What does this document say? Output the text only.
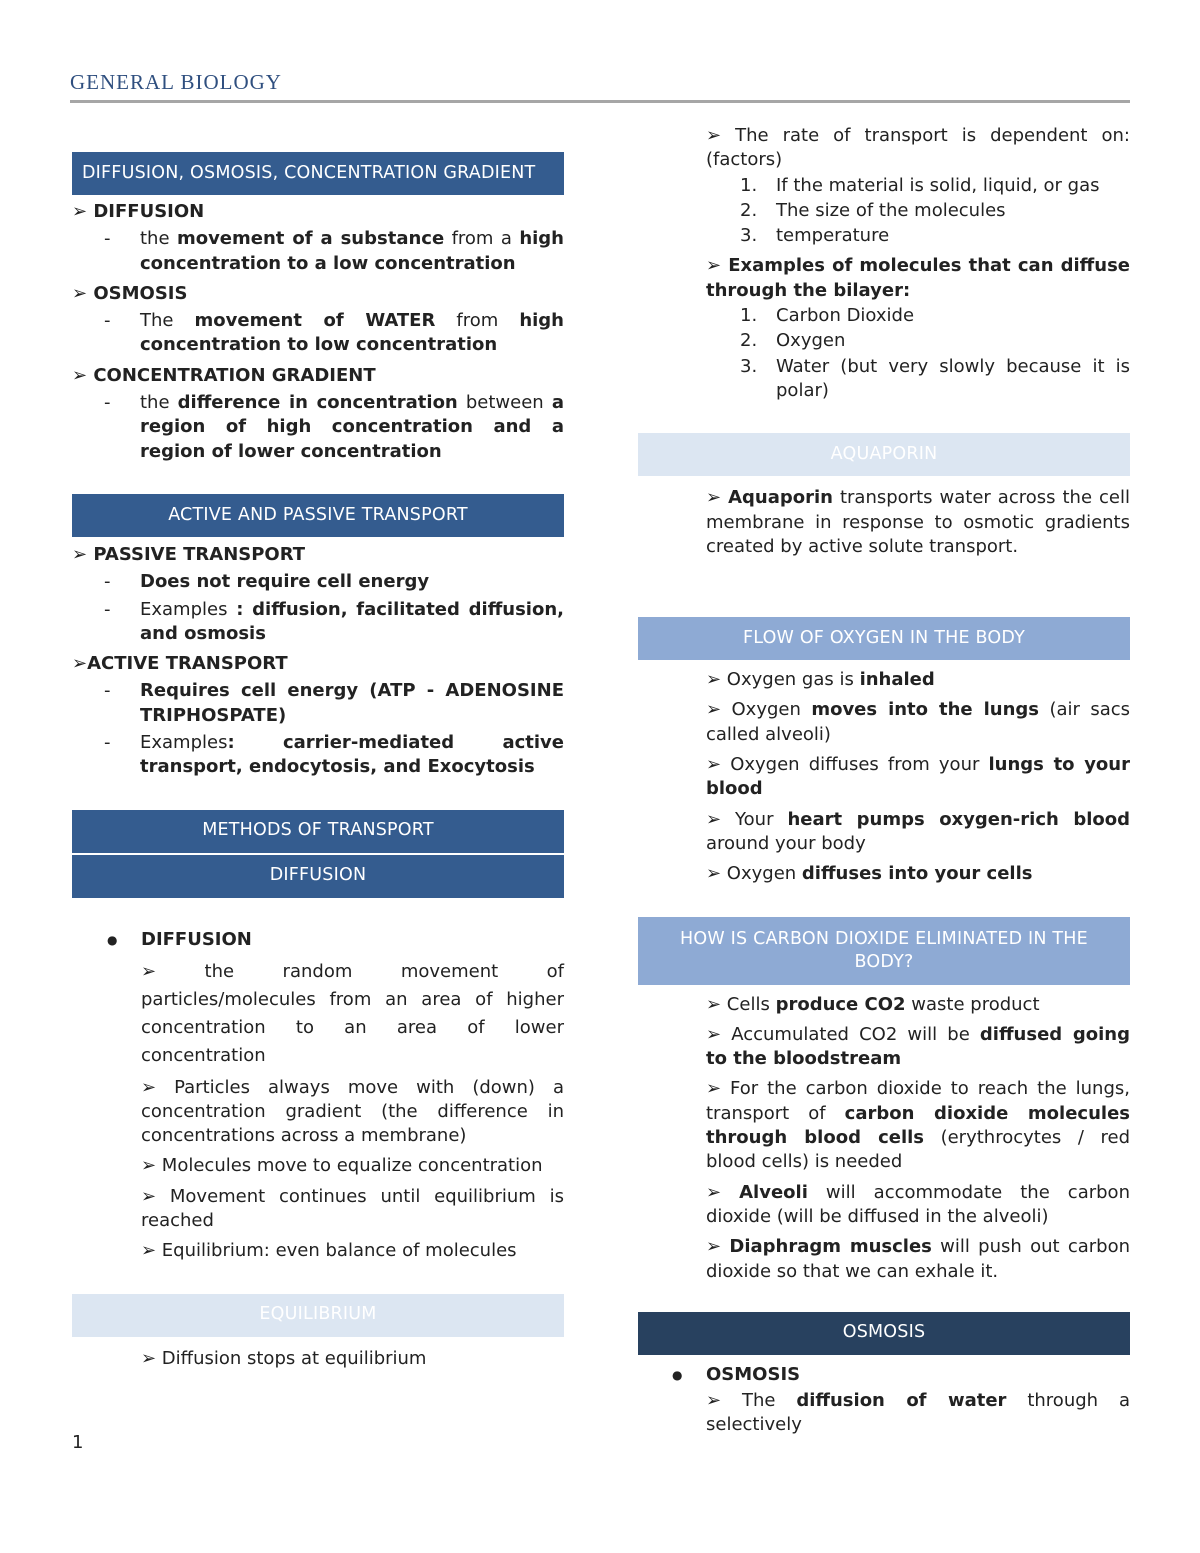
GENERAL BIOLOGY
DIFFUSION, OSMOSIS, CONCENTRATION GRADIENT
➢ DIFFUSION
-	the movement of a substance from a high concentration to a low concentration
➢ OSMOSIS
-	The movement of WATER from high concentration to low concentration
➢ CONCENTRATION GRADIENT
-	the difference in concentration between a region of high concentration and a region of lower concentration
ACTIVE AND PASSIVE TRANSPORT
➢ PASSIVE TRANSPORT
-	Does not require cell energy
-	Examples : diffusion, facilitated diffusion, and osmosis
➢ACTIVE TRANSPORT
-	Requires cell energy (ATP - ADENOSINE TRIPHOSPATE)
-	Examples: carrier-mediated active transport, endocytosis, and Exocytosis
METHODS OF TRANSPORT
DIFFUSION
●	DIFFUSION
➢ the random movement of particles/molecules from an area of higher concentration to an area of lower concentration
➢ Particles always move with (down) a concentration gradient (the difference in concentrations across a membrane)
➢ Molecules move to equalize concentration
➢ Movement continues until equilibrium is reached
➢ Equilibrium: even balance of molecules
EQUILIBRIUM
➢ Diffusion stops at equilibrium
➢ The rate of transport is dependent on: (factors)
1.	If the material is solid, liquid, or gas
2.	The size of the molecules
3.	temperature
➢ Examples of molecules that can diffuse through the bilayer:
1.	Carbon Dioxide
2.	Oxygen
3.	Water (but very slowly because it is polar)
AQUAPORIN
➢ Aquaporin transports water across the cell membrane in response to osmotic gradients created by active solute transport.
FLOW OF OXYGEN IN THE BODY
➢ Oxygen gas is inhaled
➢ Oxygen moves into the lungs (air sacs called alveoli)
➢ Oxygen diffuses from your lungs to your blood
➢ Your heart pumps oxygen-rich blood around your body
➢ Oxygen diffuses into your cells
HOW IS CARBON DIOXIDE ELIMINATED IN THE BODY?
➢ Cells produce CO2 waste product
➢ Accumulated CO2 will be diffused going to the bloodstream
➢ For the carbon dioxide to reach the lungs, transport of carbon dioxide molecules through blood cells (erythrocytes / red blood cells) is needed
➢ Alveoli will accommodate the carbon dioxide (will be diffused in the alveoli)
➢ Diaphragm muscles will push out carbon dioxide so that we can exhale it.
OSMOSIS
●	OSMOSIS
➢ The diffusion of water through a selectively
1
